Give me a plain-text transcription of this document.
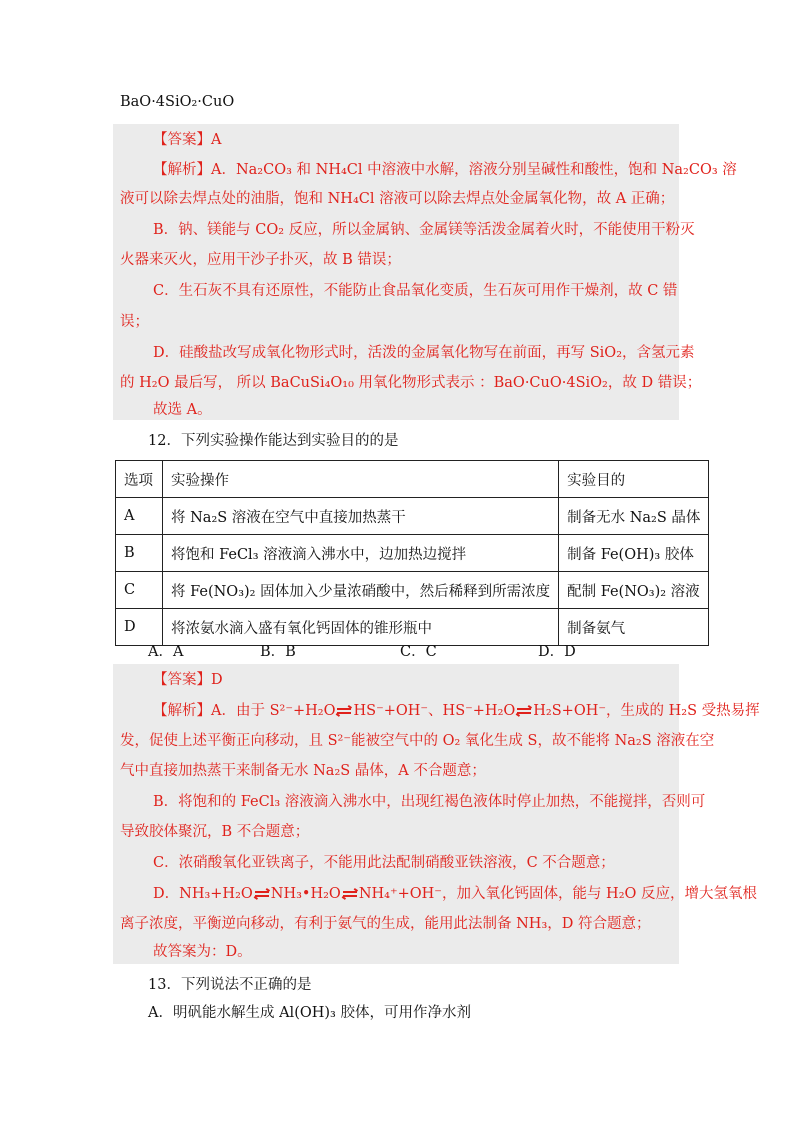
BaO·4SiO₂·CuO
【答案】A
【解析】A．Na₂CO₃ 和 NH₄Cl 中溶液中水解，溶液分别呈碱性和酸性，饱和 Na₂CO₃ 溶
液可以除去焊点处的油脂，饱和 NH₄Cl 溶液可以除去焊点处金属氧化物，故 A 正确；
B．钠、镁能与 CO₂ 反应，所以金属钠、金属镁等活泼金属着火时，不能使用干粉灭
火器来灭火，应用干沙子扑灭，故 B 错误；
C．生石灰不具有还原性，不能防止食品氧化变质，生石灰可用作干燥剂，故 C 错
误；
D．硅酸盐改写成氧化物形式时，活泼的金属氧化物写在前面，再写 SiO₂，含氢元素
的 H₂O 最后写， 所以 BaCuSi₄O₁₀ 用氧化物形式表示 ：BaO·CuO·4SiO₂，故 D 错误；
故选 A。
12．下列实验操作能达到实验目的的是
选项	实验操作	实验目的
A	将 Na₂S 溶液在空气中直接加热蒸干	制备无水 Na₂S 晶体
B	将饱和 FeCl₃ 溶液滴入沸水中，边加热边搅拌	制备 Fe(OH)₃ 胶体
C	将 Fe(NO₃)₂ 固体加入少量浓硝酸中，然后稀释到所需浓度	配制 Fe(NO₃)₂ 溶液
D	将浓氨水滴入盛有氧化钙固体的锥形瓶中	制备氨气
A．A	B．B	C．C	D．D
【答案】D
【解析】A．由于 S²⁻+H₂O HS⁻+OH⁻、HS⁻+H₂O H₂S+OH⁻，生成的 H₂S 受热易挥
发，促使上述平衡正向移动，且 S²⁻能被空气中的 O₂ 氧化生成 S，故不能将 Na₂S 溶液在空
气中直接加热蒸干来制备无水 Na₂S 晶体，A 不合题意；
B．将饱和的 FeCl₃ 溶液滴入沸水中，出现红褐色液体时停止加热，不能搅拌，否则可
导致胶体聚沉，B 不合题意；
C．浓硝酸氧化亚铁离子，不能用此法配制硝酸亚铁溶液，C 不合题意；
D．NH₃+H₂O NH₃•H₂O NH₄⁺+OH⁻，加入氧化钙固体，能与 H₂O 反应，增大氢氧根
离子浓度，平衡逆向移动，有利于氨气的生成，能用此法制备 NH₃，D 符合题意；
故答案为：D。
13．下列说法不正确的是
A．明矾能水解生成 Al(OH)₃ 胶体，可用作净水剂
